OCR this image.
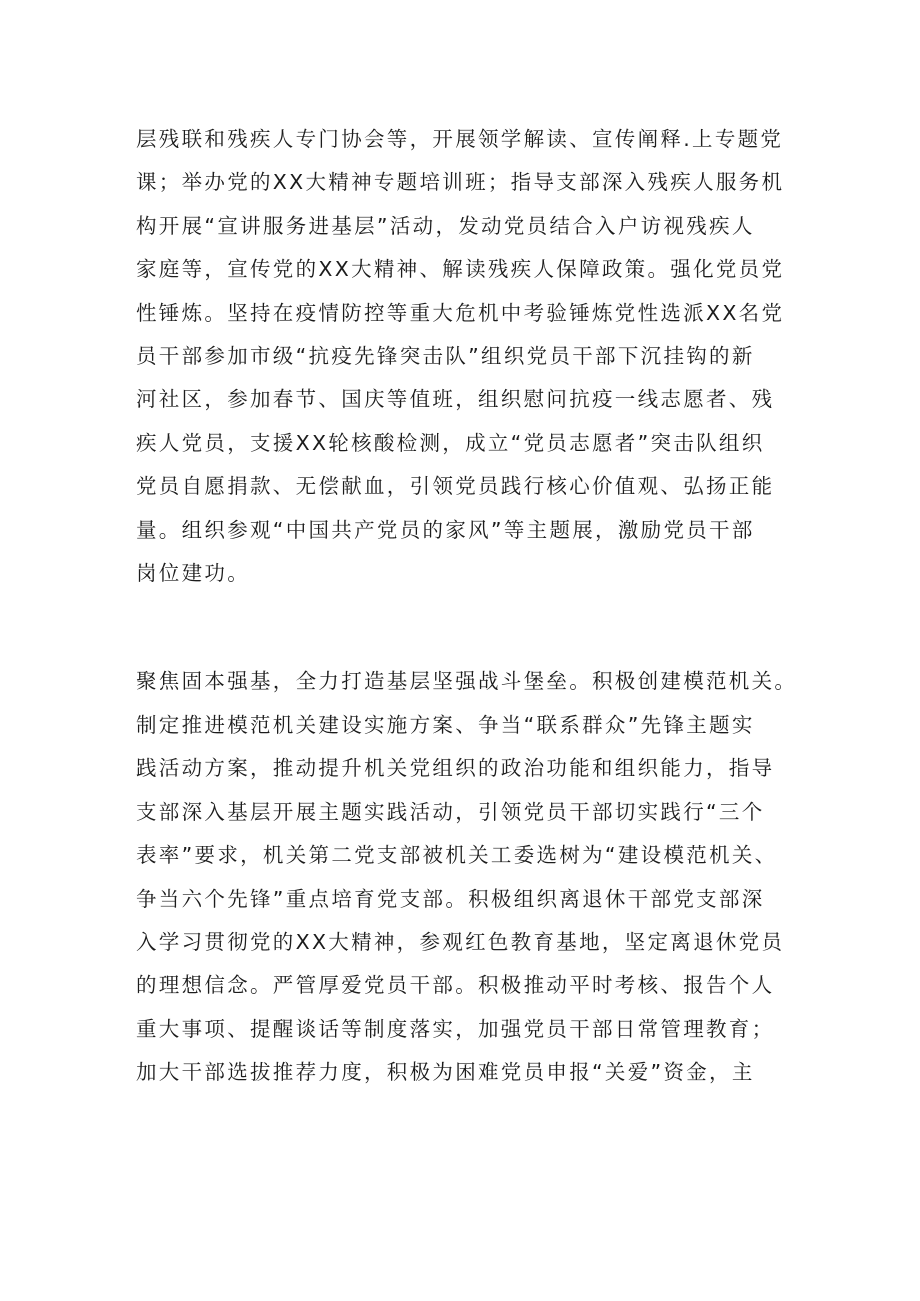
层残联和残疾人专门协会等，开展领学解读、宣传阐释.上专题党
课；举办党的XX大精神专题培训班；指导支部深入残疾人服务机
构开展“宣讲服务进基层”活动，发动党员结合入户访视残疾人
家庭等，宣传党的XX大精神、解读残疾人保障政策。强化党员党
性锤炼。坚持在疫情防控等重大危机中考验锤炼党性选派XX名党
员干部参加市级“抗疫先锋突击队”组织党员干部下沉挂钩的新
河社区，参加春节、国庆等值班，组织慰问抗疫一线志愿者、残
疾人党员，支援XX轮核酸检测，成立“党员志愿者”突击队组织
党员自愿捐款、无偿献血，引领党员践行核心价值观、弘扬正能
量。组织参观“中国共产党员的家风”等主题展，激励党员干部
岗位建功。

聚焦固本强基，全力打造基层坚强战斗堡垒。积极创建模范机关。
制定推进模范机关建设实施方案、争当“联系群众”先锋主题实
践活动方案，推动提升机关党组织的政治功能和组织能力，指导
支部深入基层开展主题实践活动，引领党员干部切实践行“三个
表率”要求，机关第二党支部被机关工委选树为“建设模范机关、
争当六个先锋”重点培育党支部。积极组织离退休干部党支部深
入学习贯彻党的XX大精神，参观红色教育基地，坚定离退休党员
的理想信念。严管厚爱党员干部。积极推动平时考核、报告个人
重大事项、提醒谈话等制度落实，加强党员干部日常管理教育；
加大干部选拔推荐力度，积极为困难党员申报“关爱”资金，主
